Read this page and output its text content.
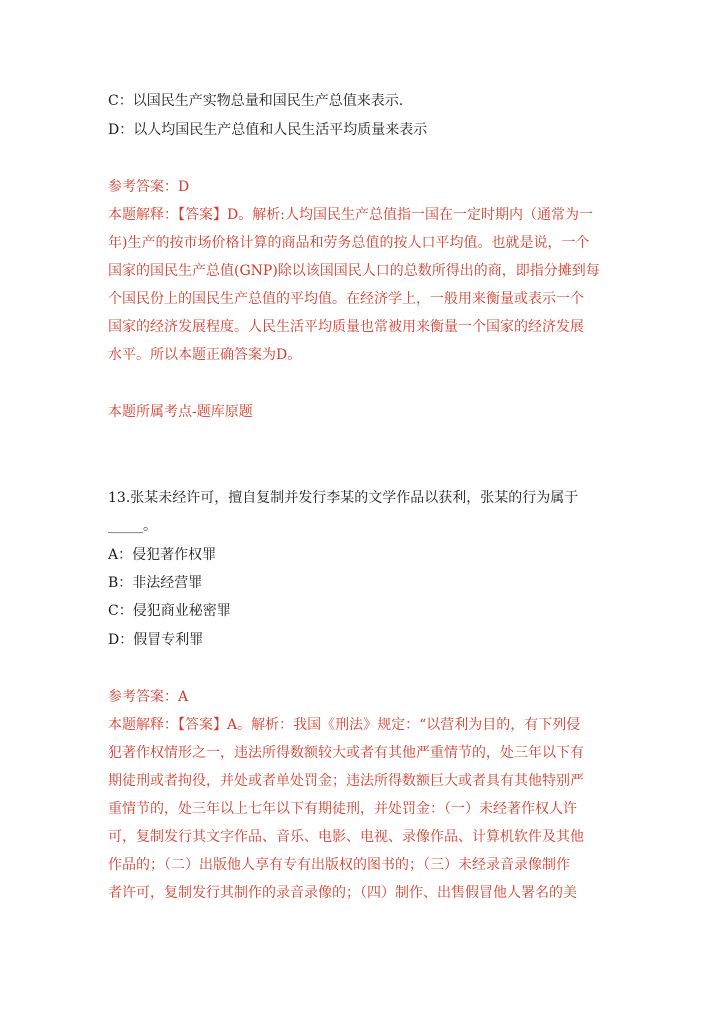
C：以国民生产实物总量和国民生产总值来表示.
D：以人均国民生产总值和人民生活平均质量来表示
参考答案：D
本题解释：【答案】D。解析:人均国民生产总值指一国在一定时期内（通常为一
年)生产的按市场价格计算的商品和劳务总值的按人口平均值。也就是说，一个
国家的国民生产总值(GNP)除以该国国民人口的总数所得出的商，即指分摊到每
个国民份上的国民生产总值的平均值。在经济学上，一般用来衡量或表示一个
国家的经济发展程度。人民生活平均质量也常被用来衡量一个国家的经济发展
水平。所以本题正确答案为D。
本题所属考点-题库原题
13.张某未经许可，擅自复制并发行李某的文学作品以获利，张某的行为属于
_____。
A：侵犯著作权罪
B：非法经营罪
C：侵犯商业秘密罪
D：假冒专利罪
参考答案：A
本题解释：【答案】A。解析：我国《刑法》规定：“以营利为目的，有下列侵
犯著作权情形之一，违法所得数额较大或者有其他严重情节的，处三年以下有
期徒刑或者拘役，并处或者单处罚金；违法所得数额巨大或者具有其他特别严
重情节的，处三年以上七年以下有期徒刑，并处罚金：（一）未经著作权人许
可，复制发行其文字作品、音乐、电影、电视、录像作品、计算机软件及其他
作品的；（二）出版他人享有专有出版权的图书的；（三）未经录音录像制作
者许可，复制发行其制作的录音录像的；（四）制作、出售假冒他人署名的美
